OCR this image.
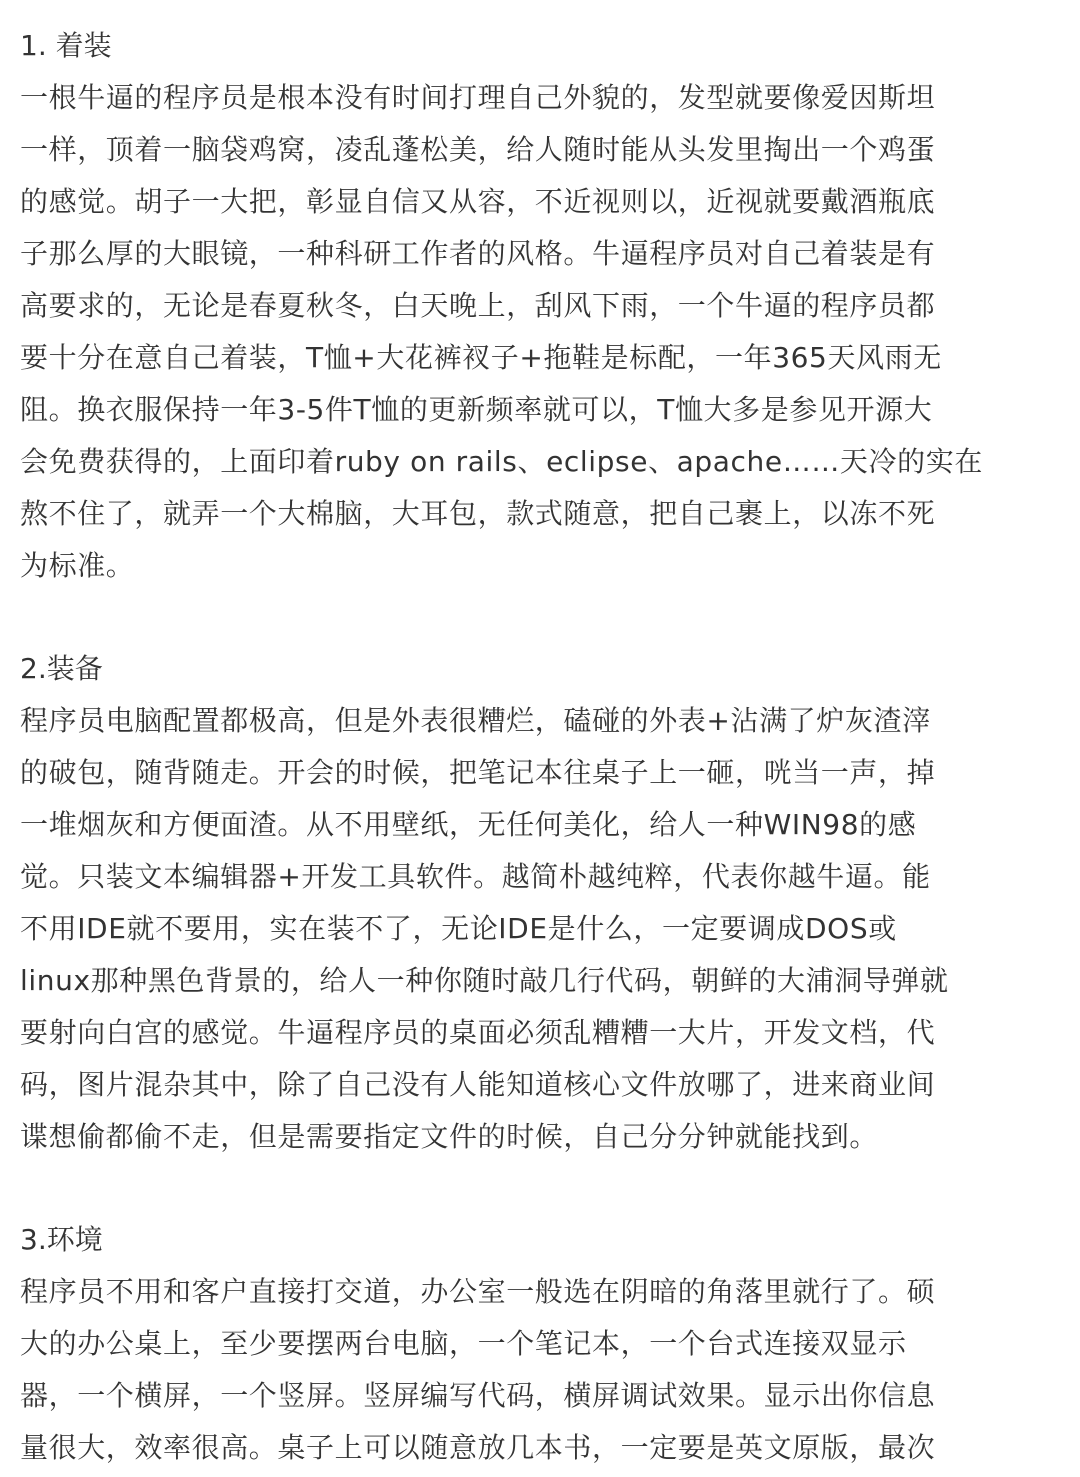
1. 着装

一根牛逼的程序员是根本没有时间打理自己外貌的，发型就要像爱因斯坦
一样，顶着一脑袋鸡窝，凌乱蓬松美，给人随时能从头发里掏出一个鸡蛋
的感觉。胡子一大把，彰显自信又从容，不近视则以，近视就要戴酒瓶底
子那么厚的大眼镜，一种科研工作者的风格。牛逼程序员对自己着装是有
高要求的，无论是春夏秋冬，白天晚上，刮风下雨，一个牛逼的程序员都
要十分在意自己着装，T恤+大花裤衩子+拖鞋是标配，一年365天风雨无
阻。换衣服保持一年3-5件T恤的更新频率就可以，T恤大多是参见开源大
会免费获得的，上面印着ruby on rails、eclipse、apache……天冷的实在
熬不住了，就弄一个大棉脑，大耳包，款式随意，把自己裹上，以冻不死
为标准。

2.装备

程序员电脑配置都极高，但是外表很糟烂，磕碰的外表+沾满了炉灰渣滓
的破包，随背随走。开会的时候，把笔记本往桌子上一砸，咣当一声，掉
一堆烟灰和方便面渣。从不用壁纸，无任何美化，给人一种WIN98的感
觉。只装文本编辑器+开发工具软件。越简朴越纯粹，代表你越牛逼。能
不用IDE就不要用，实在装不了，无论IDE是什么，一定要调成DOS或
linux那种黑色背景的，给人一种你随时敲几行代码，朝鲜的大浦洞导弹就
要射向白宫的感觉。牛逼程序员的桌面必须乱糟糟一大片，开发文档，代
码，图片混杂其中，除了自己没有人能知道核心文件放哪了，进来商业间
谍想偷都偷不走，但是需要指定文件的时候，自己分分钟就能找到。

3.环境

程序员不用和客户直接打交道，办公室一般选在阴暗的角落里就行了。硕
大的办公桌上，至少要摆两台电脑，一个笔记本，一个台式连接双显示
器，一个横屏，一个竖屏。竖屏编写代码，横屏调试效果。显示出你信息
量很大，效率很高。桌子上可以随意放几本书，一定要是英文原版，最次
